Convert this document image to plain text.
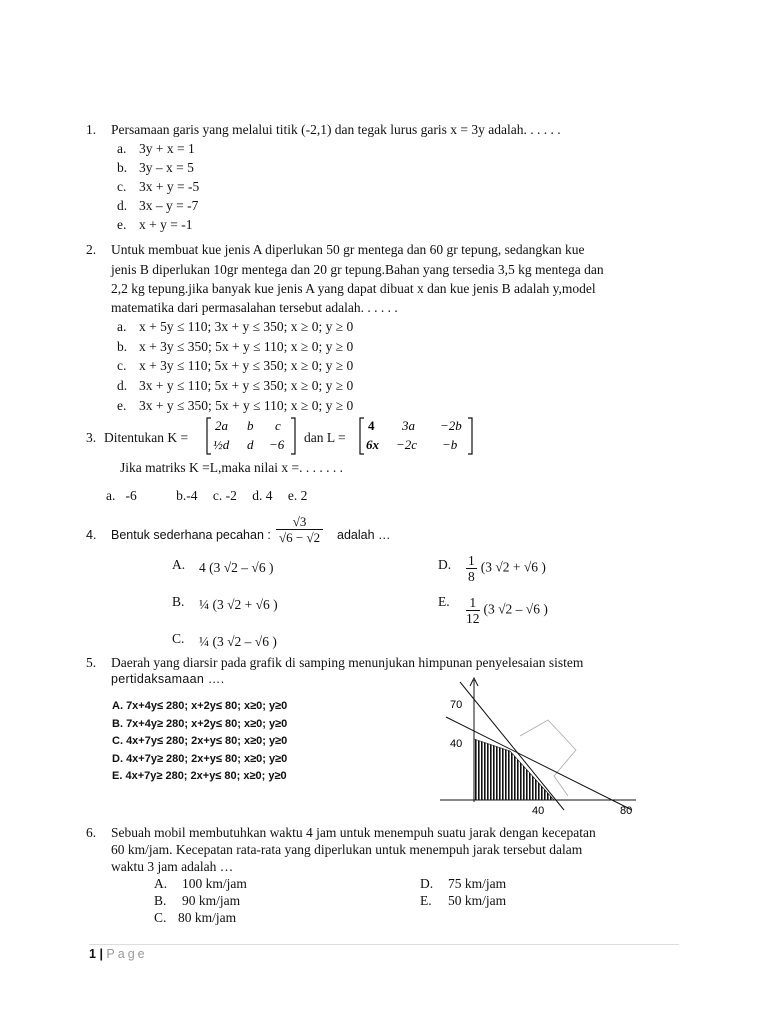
1. Persamaan garis yang melalui titik (-2,1) dan tegak lurus garis x = 3y adalah. . . . . .
a. 3y + x = 1
b. 3y – x = 5
c. 3x + y = -5
d. 3x – y = -7
e. x + y = -1
2. Untuk membuat kue jenis A diperlukan 50 gr mentega dan 60 gr tepung, sedangkan kue
jenis B diperlukan 10gr mentega dan 20 gr tepung.Bahan yang tersedia 3,5 kg mentega dan
2,2 kg tepung.jika banyak kue jenis A yang dapat dibuat x dan kue jenis B adalah y,model
matematika dari permasalahan tersebut adalah. . . . . .
a. x + 5y ≤ 110; 3x + y ≤ 350; x ≥ 0; y ≥ 0
b. x + 3y ≤ 350; 5x + y ≤ 110; x ≥ 0; y ≥ 0
c. x + 3y ≤ 110; 5x + y ≤ 350; x ≥ 0; y ≥ 0
d. 3x + y ≤ 110; 5x + y ≤ 350; x ≥ 0; y ≥ 0
e. 3x + y ≤ 350; 5x + y ≤ 110; x ≥ 0; y ≥ 0
3. Ditentukan K =
2a b c
½d d −6 dan L =
4 3a −2b
6x −2c −b
Jika matriks K =L,maka nilai x =. . . . . . .
a. -6	b.-4 c. -2 d. 4 e. 2
4. Bentuk sederhana pecahan : $\frac{√3}{√6 - √2}$ adalah …
A. 4 (3 √2 – √6 )
B. ¼ (3 √2 + √6 )
C. ¼ (3 √2 – √6 )
D. $\frac{1}{8} (3$ √2 + √6 )
E. $\frac{1}{12} (3$ √2 – √6 )
5. Daerah yang diarsir pada grafik di samping menunjukan himpunan penyelesaian sistem
pertidaksamaan ….
A. 7x+4y≤ 280; x+2y≤ 80; x≥0; y≥0
B. 7x+4y≥ 280; x+2y≤ 80; x≥0; y≥0
C. 4x+7y≤ 280; 2x+y≤ 80; x≥0; y≥0
D. 4x+7y≥ 280; 2x+y≤ 80; x≥0; y≥0
E. 4x+7y≥ 280; 2x+y≤ 80; x≥0; y≥0
70
40
40	80
6. Sebuah mobil membutuhkan waktu 4 jam untuk menempuh suatu jarak dengan kecepatan
60 km/jam. Kecepatan rata-rata yang diperlukan untuk menempuh jarak tersebut dalam
waktu 3 jam adalah …
A. 100 km/jam
B. 90 km/jam
C. 80 km/jam
D. 75 km/jam
E. 50 km/jam
1 | Page
